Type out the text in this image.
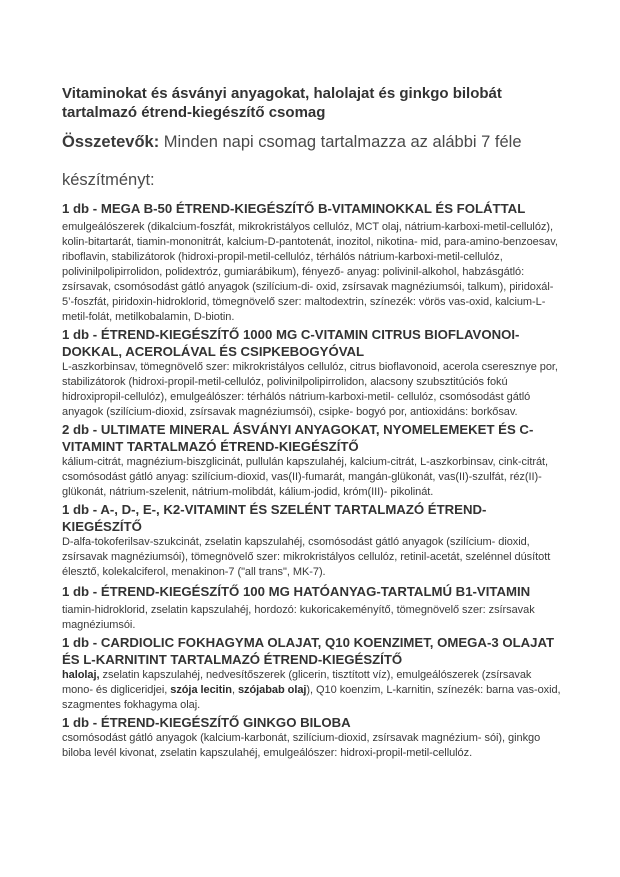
Vitaminokat és ásványi anyagokat, halolajat és ginkgo bilobát tartalmazó étrend-kiegészítő csomag

Összetevők: Minden napi csomag tartalmazza az alábbi 7 féle

készítményt:

1 db - MEGA B-50 ÉTREND-KIEGÉSZÍTŐ B-VITAMINOKKAL ÉS FOLÁTTAL

emulgeálószerek (dikalcium-foszfát, mikrokristályos cellulóz, MCT olaj, nátrium-karboxi-metil-cellulóz), kolin-bitartarát, tiamin-mononitrát, kalcium-D-pantotenát, inozitol, nikotina- mid, para-amino-benzoesav, riboflavin, stabilizátorok (hidroxi-propil-metil-cellulóz, térhálós nátrium-karboxi-metil-cellulóz, polivinilpolipirrolidon, polidextróz, gumiarábikum), fényező- anyag: polivinil-alkohol, habzásgátló: zsírsavak, csomósodást gátló anyagok (szilícium-di- oxid, zsírsavak magnéziumsói, talkum), piridoxál-5’-foszfát, piridoxin-hidroklorid, tömegnövelő szer: maltodextrin, színezék: vörös vas-oxid, kalcium-L-metil-folát, metilkobalamin, D-biotin.

1 db - ÉTREND-KIEGÉSZÍTŐ 1000 MG C-VITAMIN CITRUS BIOFLAVONOI- DOKKAL, ACEROLÁVAL ÉS CSIPKEBOGYÓVAL

L-aszkorbinsav, tömegnövelő szer: mikrokristályos cellulóz, citrus bioflavonoid, acerola cseresznye por, stabilizátorok (hidroxi-propil-metil-cellulóz, polivinilpolipirrolidon, alacsony szubsztitúciós fokú hidroxipropil-cellulóz), emulgeálószer: térhálós nátrium-karboxi-metil- cellulóz, csomósodást gátló anyagok (szilícium-dioxid, zsírsavak magnéziumsói), csipke- bogyó por, antioxidáns: borkősav.

2 db - ULTIMATE MINERAL ÁSVÁNYI ANYAGOKAT, NYOMELEMEKET ÉS C-VITAMINT TARTALMAZÓ ÉTREND-KIEGÉSZÍTŐ

kálium-citrát, magnézium-biszglicinát, pullulán kapszulahéj, kalcium-citrát, L-aszkorbinsav, cink-citrát, csomósodást gátló anyag: szilícium-dioxid, vas(II)-fumarát, mangán-glükonát, vas(II)-szulfát, réz(II)-glükonát, nátrium-szelenit, nátrium-molibdát, kálium-jodid, króm(III)- pikolinát.

1 db - A-, D-, E-, K2-VITAMINT ÉS SZELÉNT TARTALMAZÓ ÉTREND-KIEGÉSZÍTŐ

D-alfa-tokoferilsav-szukcinát, zselatin kapszulahéj, csomósodást gátló anyagok (szilícium- dioxid, zsírsavak magnéziumsói), tömegnövelő szer: mikrokristályos cellulóz, retinil-acetát, szelénnel dúsított élesztő, kolekalciferol, menakinon-7 ("all trans", MK-7).

1 db - ÉTREND-KIEGÉSZÍTŐ 100 MG HATÓANYAG-TARTALMÚ B1-VITAMIN

tiamin-hidroklorid, zselatin kapszulahéj, hordozó: kukoricakeményítő, tömegnövelő szer: zsírsavak magnéziumsói.

1 db - CARDIOLIC FOKHAGYMA OLAJAT, Q10 KOENZIMET, OMEGA-3 OLAJAT ÉS L-KARNITINT TARTALMAZÓ ÉTREND-KIEGÉSZÍTŐ

halolaj, zselatin kapszulahéj, nedvesítőszerek (glicerin, tisztított víz), emulgeálószerek (zsírsavak mono- és digliceridjei, szója lecitin, szójabab olaj), Q10 koenzim, L-karnitin, színezék: barna vas-oxid, szagmentes fokhagyma olaj.

1 db - ÉTREND-KIEGÉSZÍTŐ GINKGO BILOBA

csomósodást gátló anyagok (kalcium-karbonát, szilícium-dioxid, zsírsavak magnézium- sói), ginkgo biloba levél kivonat, zselatin kapszulahéj, emulgeálószer: hidroxi-propil-metil-cellulóz.
